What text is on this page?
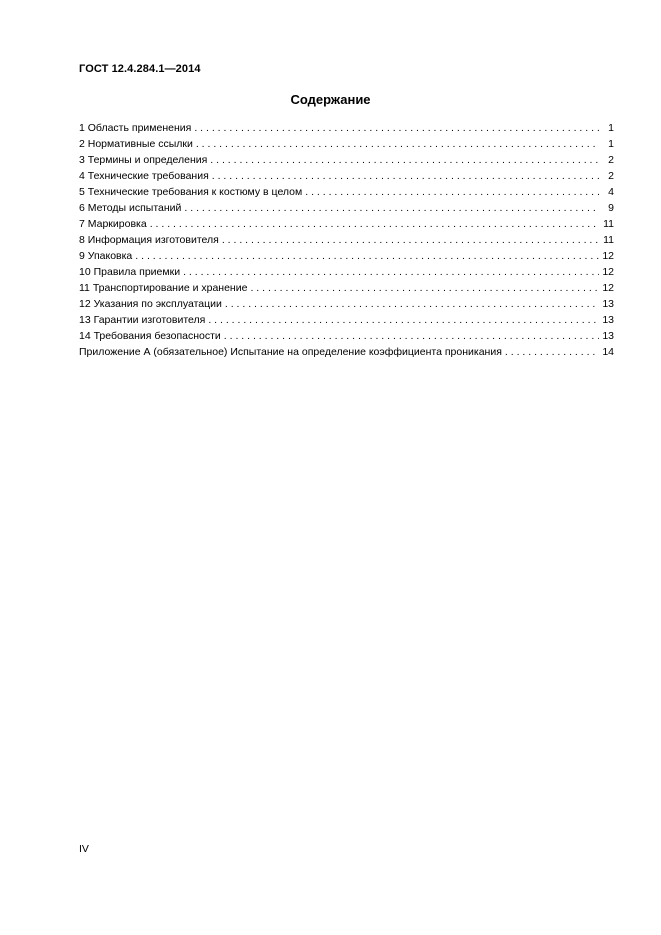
ГОСТ 12.4.284.1—2014
Содержание
1 Область применения . . .	1
2 Нормативные ссылки . . .	1
3 Термины и определения . . .	2
4 Технические требования . . .	2
5 Технические требования к костюму в целом . . .	4
6 Методы испытаний . . .	9
7 Маркировка . . .	11
8 Информация изготовителя . . .	11
9 Упаковка . . .	12
10 Правила приемки . . .	12
11 Транспортирование и хранение . . .	12
12 Указания по эксплуатации . . .	13
13 Гарантии изготовителя . . .	13
14 Требования безопасности . . .	13
Приложение А (обязательное) Испытание на определение коэффициента проникания . . .	14
IV
